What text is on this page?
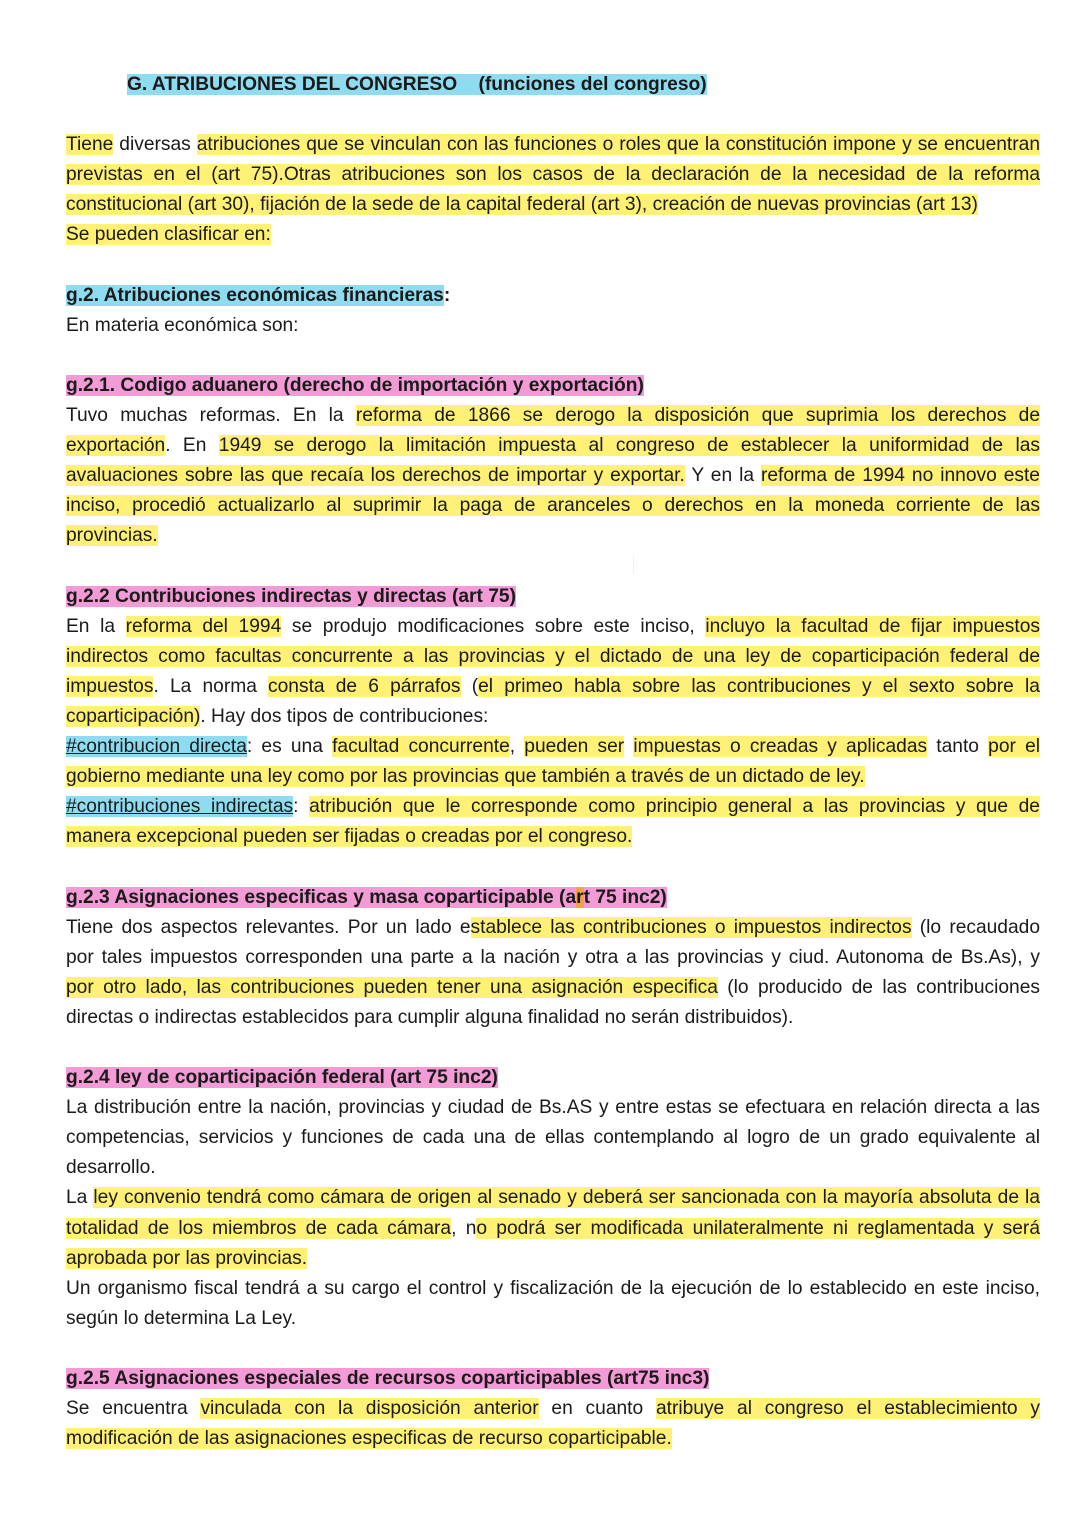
G. ATRIBUCIONES DEL CONGRESO (funciones del congreso)
Tiene diversas atribuciones que se vinculan con las funciones o roles que la constitución impone y se encuentran
previstas en el (art 75).Otras atribuciones son los casos de la declaración de la necesidad de la reforma
constitucional (art 30), fijación de la sede de la capital federal (art 3), creación de nuevas provincias (art 13)
Se pueden clasificar en:
g.2. Atribuciones económicas financieras:
En materia económica son:
g.2.1. Codigo aduanero (derecho de importación y exportación)
Tuvo muchas reformas. En la reforma de 1866 se derogo la disposición que suprimia los derechos de
exportación. En 1949 se derogo la limitación impuesta al congreso de establecer la uniformidad de las
avaluaciones sobre las que recaía los derechos de importar y exportar. Y en la reforma de 1994 no innovo este
inciso, procedió actualizarlo al suprimir la paga de aranceles o derechos en la moneda corriente de las
provincias.
g.2.2 Contribuciones indirectas y directas (art 75)
En la reforma del 1994 se produjo modificaciones sobre este inciso, incluyo la facultad de fijar impuestos
indirectos como facultas concurrente a las provincias y el dictado de una ley de coparticipación federal de
impuestos. La norma consta de 6 párrafos (el primeo habla sobre las contribuciones y el sexto sobre la
coparticipación). Hay dos tipos de contribuciones:
#contribucion directa: es una facultad concurrente, pueden ser impuestas o creadas y aplicadas tanto por el
gobierno mediante una ley como por las provincias que también a través de un dictado de ley.
#contribuciones indirectas: atribución que le corresponde como principio general a las provincias y que de
manera excepcional pueden ser fijadas o creadas por el congreso.
g.2.3 Asignaciones especificas y masa coparticipable (art 75 inc2)
Tiene dos aspectos relevantes. Por un lado establece las contribuciones o impuestos indirectos (lo recaudado
por tales impuestos corresponden una parte a la nación y otra a las provincias y ciud. Autonoma de Bs.As), y
por otro lado, las contribuciones pueden tener una asignación especifica (lo producido de las contribuciones
directas o indirectas establecidos para cumplir alguna finalidad no serán distribuidos).
g.2.4 ley de coparticipación federal (art 75 inc2)
La distribución entre la nación, provincias y ciudad de Bs.AS y entre estas se efectuara en relación directa a las
competencias, servicios y funciones de cada una de ellas contemplando al logro de un grado equivalente al
desarrollo.
La ley convenio tendrá como cámara de origen al senado y deberá ser sancionada con la mayoría absoluta de la
totalidad de los miembros de cada cámara, no podrá ser modificada unilateralmente ni reglamentada y será
aprobada por las provincias.
Un organismo fiscal tendrá a su cargo el control y fiscalización de la ejecución de lo establecido en este inciso,
según lo determina La Ley.
g.2.5 Asignaciones especiales de recursos coparticipables (art75 inc3)
Se encuentra vinculada con la disposición anterior en cuanto atribuye al congreso el establecimiento y
modificación de las asignaciones especificas de recurso coparticipable.
